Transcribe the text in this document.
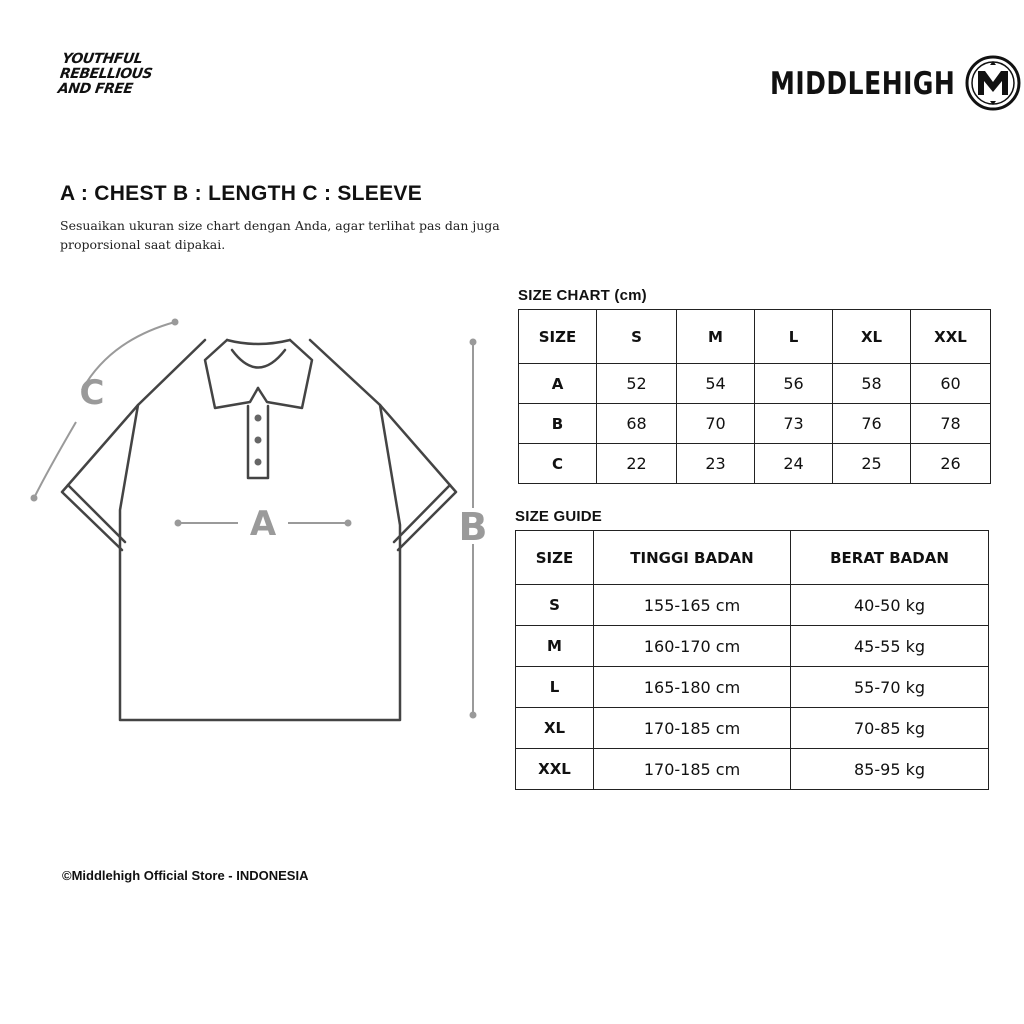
YOUTHFUL
REBELLIOUS
AND FREE	MIDDLEHIGH
A : CHEST B : LENGTH C : SLEEVE
Sesuaikan ukuran size chart dengan Anda, agar terlihat pas dan juga proporsional saat dipakai.
A	B
C
SIZE CHART (cm)
SIZE	S	M	L	XL	XXL
A	52	54	56	58	60
B	68	70	73	76	78
C	22	23	24	25	26
SIZE GUIDE
SIZE	TINGGI BADAN	BERAT BADAN
S	155-165 cm	40-50 kg
M	160-170 cm	45-55 kg
L	165-180 cm	55-70 kg
XL	170-185 cm	70-85 kg
XXL	170-185 cm	85-95 kg
©Middlehigh Official Store - INDONESIA
